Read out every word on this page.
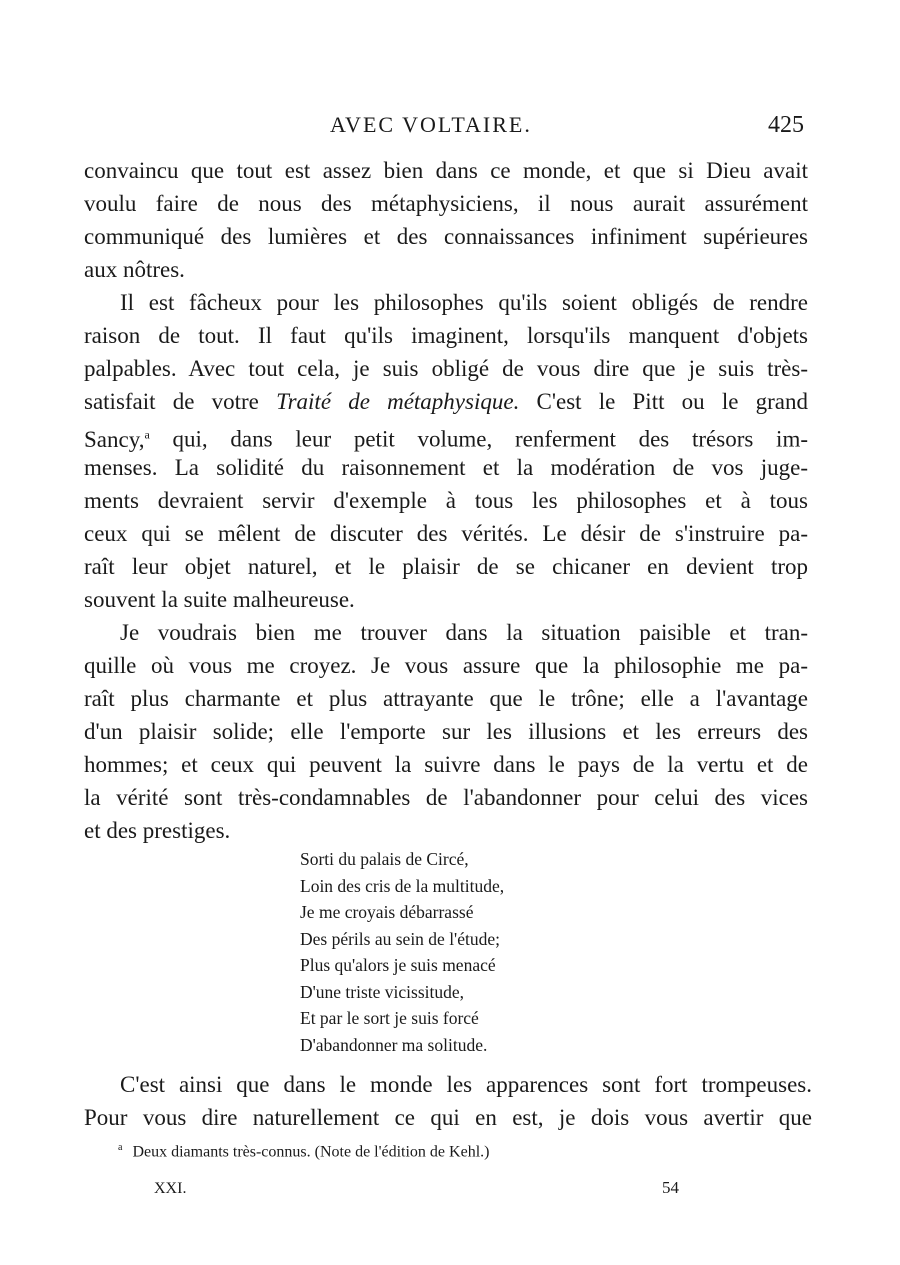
AVEC VOLTAIRE.	425
convaincu que tout est assez bien dans ce monde, et que si Dieu avait
voulu faire de nous des métaphysiciens, il nous aurait assurément
communiqué des lumières et des connaissances infiniment supérieures
aux nôtres.
Il est fâcheux pour les philosophes qu'ils soient obligés de rendre
raison de tout. Il faut qu'ils imaginent, lorsqu'ils manquent d'objets
palpables. Avec tout cela, je suis obligé de vous dire que je suis très-
satisfait de votre Traité de métaphysique. C'est le Pitt ou le grand
Sancy,$^a$ qui, dans leur petit volume, renferment des trésors im-
menses. La solidité du raisonnement et la modération de vos juge-
ments devraient servir d'exemple à tous les philosophes et à tous
ceux qui se mêlent de discuter des vérités. Le désir de s'instruire pa-
raît leur objet naturel, et le plaisir de se chicaner en devient trop
souvent la suite malheureuse.
Je voudrais bien me trouver dans la situation paisible et tran-
quille où vous me croyez. Je vous assure que la philosophie me pa-
raît plus charmante et plus attrayante que le trône; elle a l'avantage
d'un plaisir solide; elle l'emporte sur les illusions et les erreurs des
hommes; et ceux qui peuvent la suivre dans le pays de la vertu et de
la vérité sont très-condamnables de l'abandonner pour celui des vices
et des prestiges.
Sorti du palais de Circé,
Loin des cris de la multitude,
Je me croyais débarrassé
Des périls au sein de l'étude;
Plus qu'alors je suis menacé
D'une triste vicissitude,
Et par le sort je suis forcé
D'abandonner ma solitude.
C'est ainsi que dans le monde les apparences sont fort trompeuses.
Pour vous dire naturellement ce qui en est, je dois vous avertir que
$^a$ Deux diamants très-connus. (Note de l'édition de Kehl.)
XXI.	54
